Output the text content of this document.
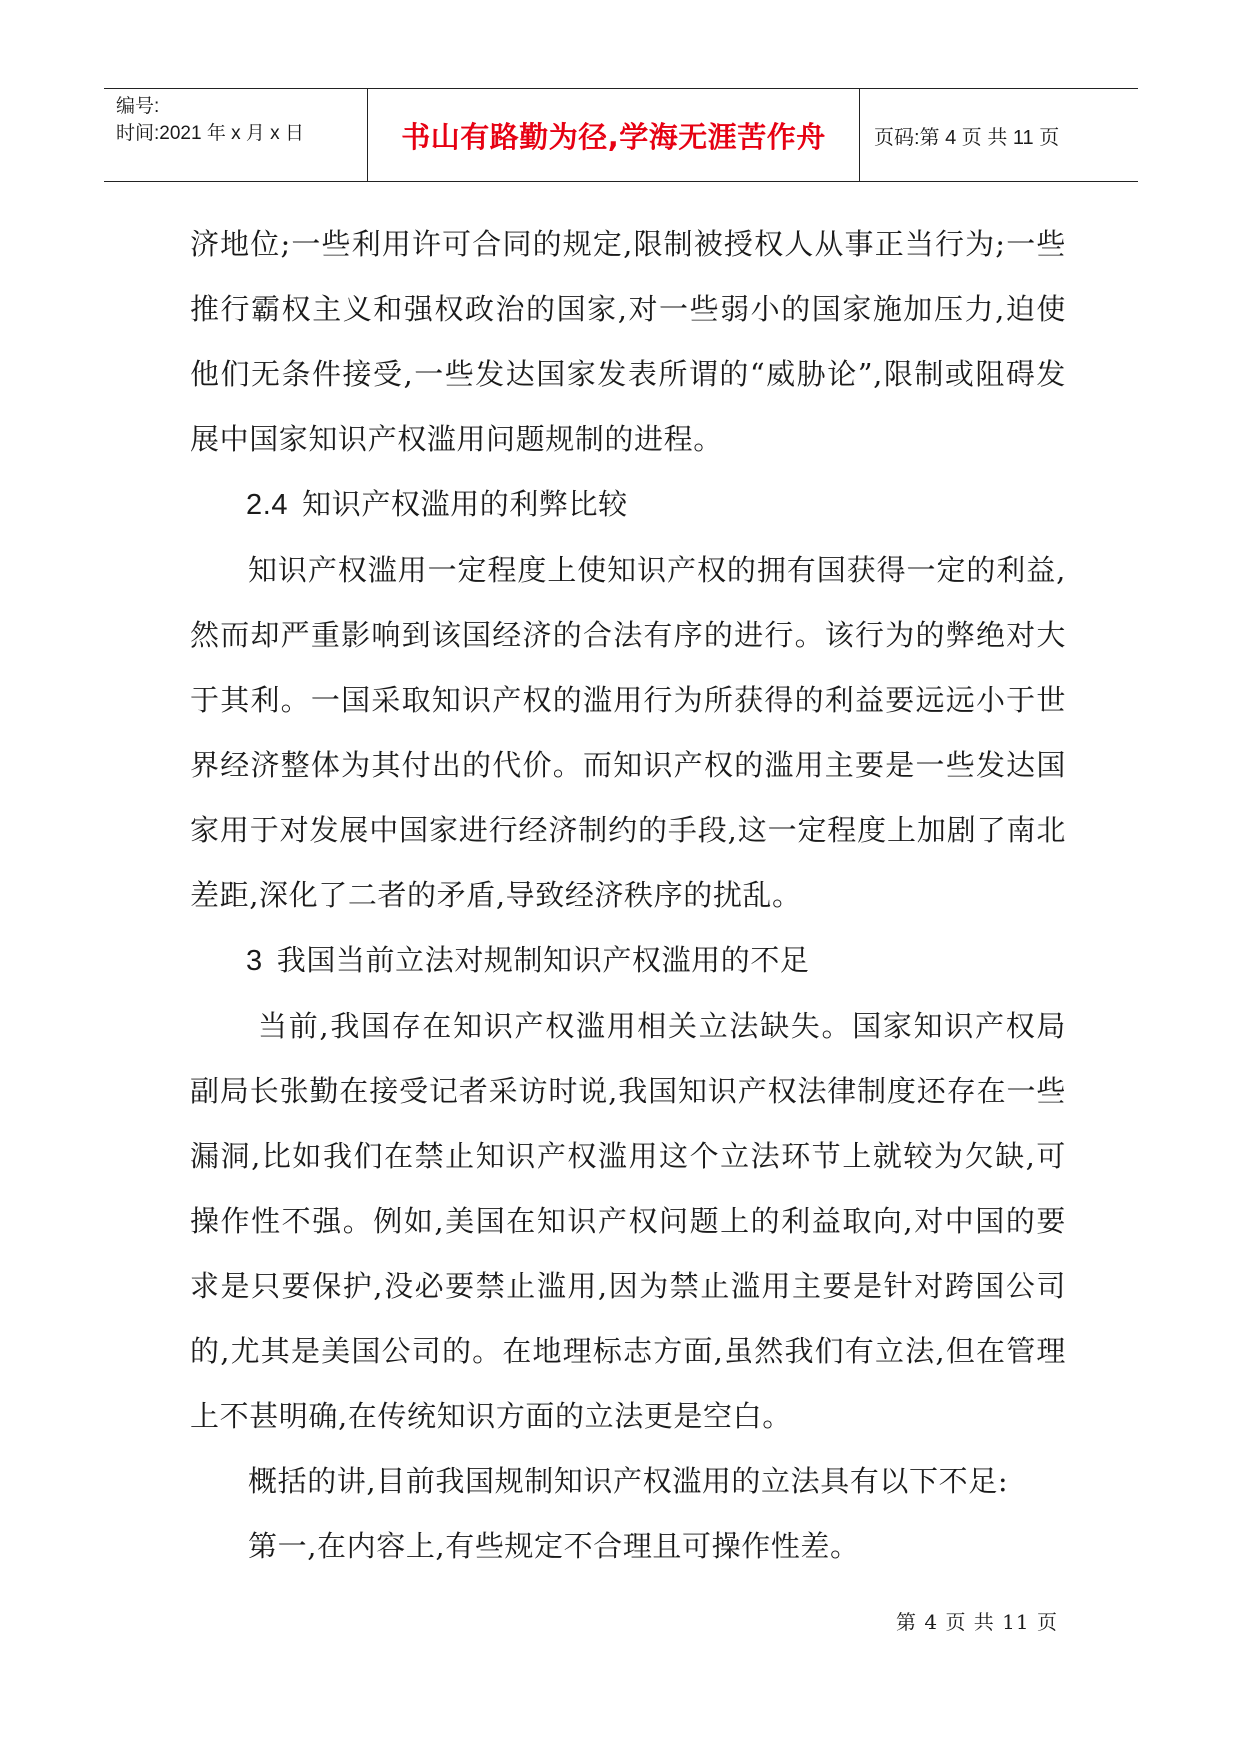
编号:
时间:2021 年 x 月 x 日	书山有路勤为径,学海无涯苦作舟	页码:第 4 页 共 11 页

济地位;一些利用许可合同的规定,限制被授权人从事正当行为;一些推行霸权主义和强权政治的国家,对一些弱小的国家施加压力,迫使他们无条件接受,一些发达国家发表所谓的“威胁论”,限制或阻碍发展中国家知识产权滥用问题规制的进程。

2.4 知识产权滥用的利弊比较

知识产权滥用一定程度上使知识产权的拥有国获得一定的利益,然而却严重影响到该国经济的合法有序的进行。该行为的弊绝对大于其利。一国采取知识产权的滥用行为所获得的利益要远远小于世界经济整体为其付出的代价。而知识产权的滥用主要是一些发达国家用于对发展中国家进行经济制约的手段,这一定程度上加剧了南北差距,深化了二者的矛盾,导致经济秩序的扰乱。

3 我国当前立法对规制知识产权滥用的不足

当前,我国存在知识产权滥用相关立法缺失。国家知识产权局副局长张勤在接受记者采访时说,我国知识产权法律制度还存在一些漏洞,比如我们在禁止知识产权滥用这个立法环节上就较为欠缺,可操作性不强。例如,美国在知识产权问题上的利益取向,对中国的要求是只要保护,没必要禁止滥用,因为禁止滥用主要是针对跨国公司的,尤其是美国公司的。在地理标志方面,虽然我们有立法,但在管理上不甚明确,在传统知识方面的立法更是空白。

概括的讲,目前我国规制知识产权滥用的立法具有以下不足:

第一,在内容上,有些规定不合理且可操作性差。

第 4 页 共 11 页
